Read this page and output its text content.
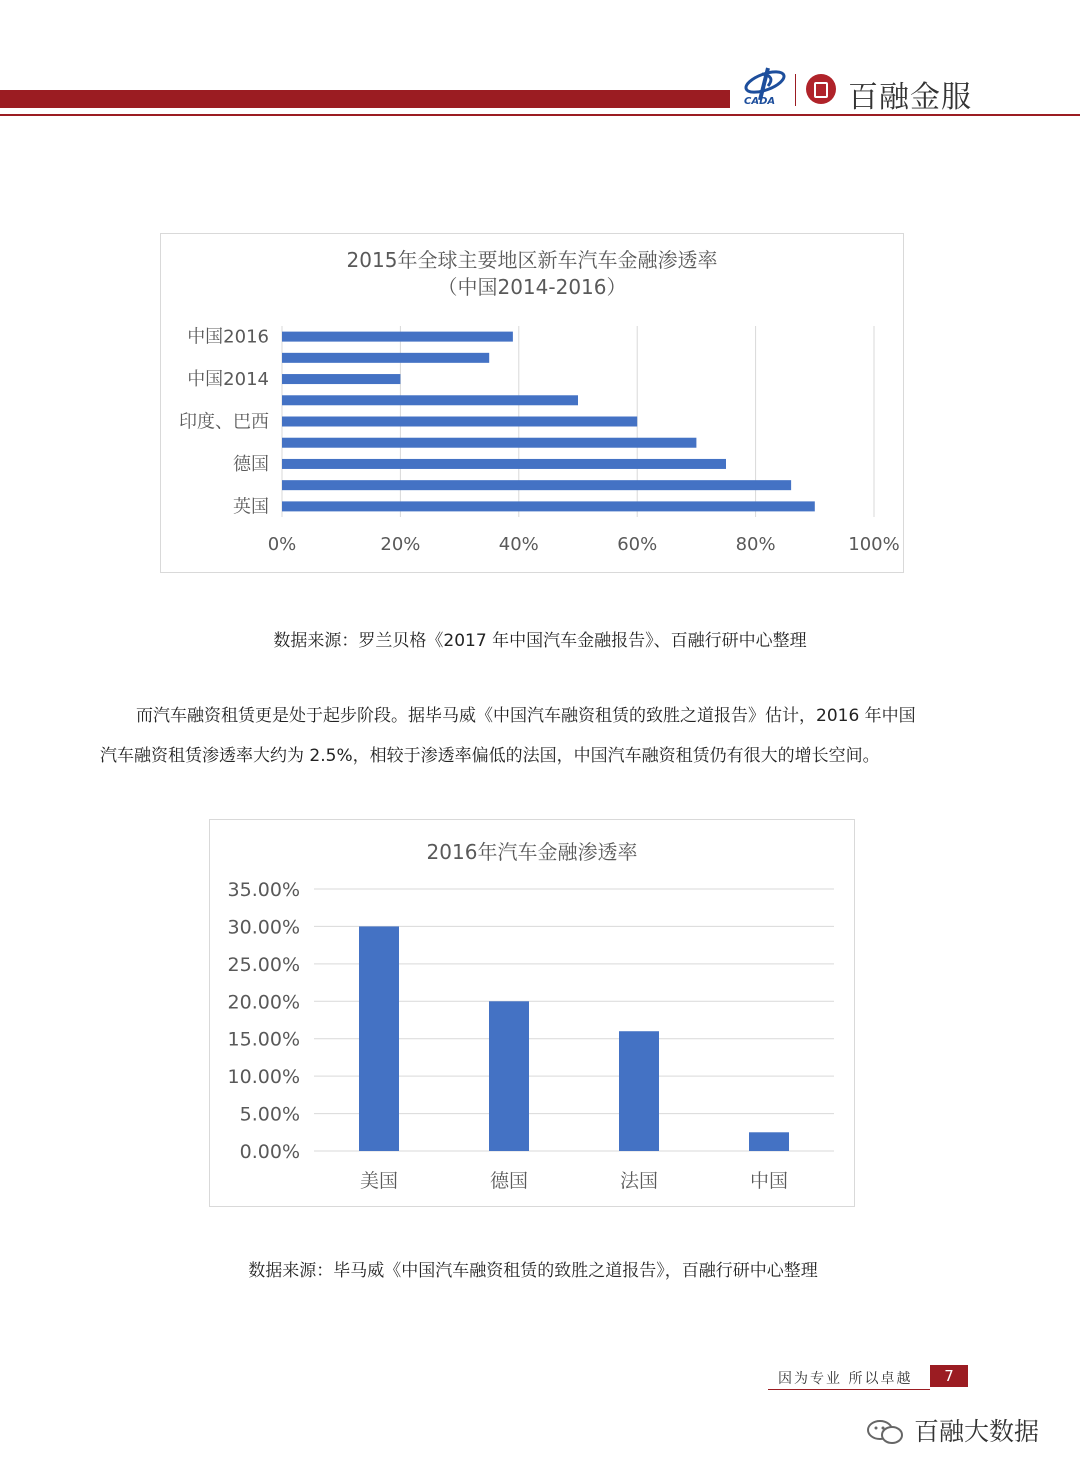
CADA 百融金服
2015年全球主要地区新车汽车金融渗透率
（中国2014-2016）
0%	20%	40%	60%	80%	100%
中国2016
中国2014
印度、巴西
德国
英国
数据来源：罗兰贝格《2017 年中国汽车金融报告》、百融行研中心整理
而汽车融资租赁更是处于起步阶段。据毕马威《中国汽车融资租赁的致胜之道报告》估计，2016 年中国
汽车融资租赁渗透率大约为 2.5%，相较于渗透率偏低的法国，中国汽车融资租赁仍有很大的增长空间。
2016年汽车金融渗透率
0.00%
5.00%
10.00%
15.00%
20.00%
25.00%
30.00%
35.00%
美国	德国	法国	中国
数据来源：毕马威《中国汽车融资租赁的致胜之道报告》，百融行研中心整理
因为专业 所以卓越	7
百融大数据
